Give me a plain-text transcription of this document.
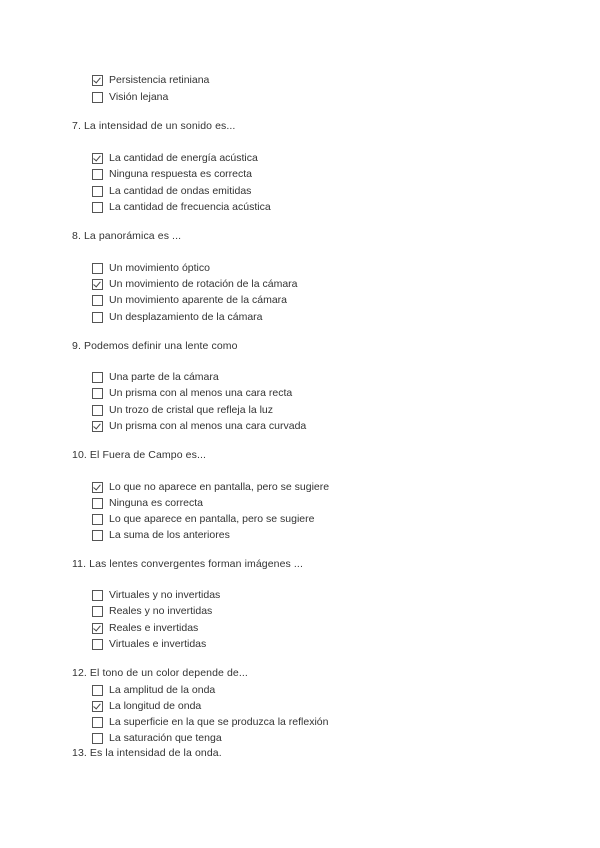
Persistencia retiniana
Visión lejana
7. La intensidad de un sonido es...
La cantidad de energía acústica
Ninguna respuesta es correcta
La cantidad de ondas emitidas
La cantidad de frecuencia acústica
8. La panorámica es ...
Un movimiento óptico
Un movimiento de rotación de la cámara
Un movimiento aparente de la cámara
Un desplazamiento de la cámara
9. Podemos definir una lente como
Una parte de la cámara
Un prisma con al menos una cara recta
Un trozo de cristal que refleja la luz
Un prisma con al menos una cara curvada
10. El Fuera de Campo es...
Lo que no aparece en pantalla, pero se sugiere
Ninguna es correcta
Lo que aparece en pantalla, pero se sugiere
La suma de los anteriores
11. Las lentes convergentes forman imágenes ...
Virtuales y no invertidas
Reales y no invertidas
Reales e invertidas
Virtuales e invertidas
12. El tono de un color depende de...
La amplitud de la onda
La longitud de onda
La superficie en la que se produzca la reflexión
La saturación que tenga
13. Es la intensidad de la onda.
